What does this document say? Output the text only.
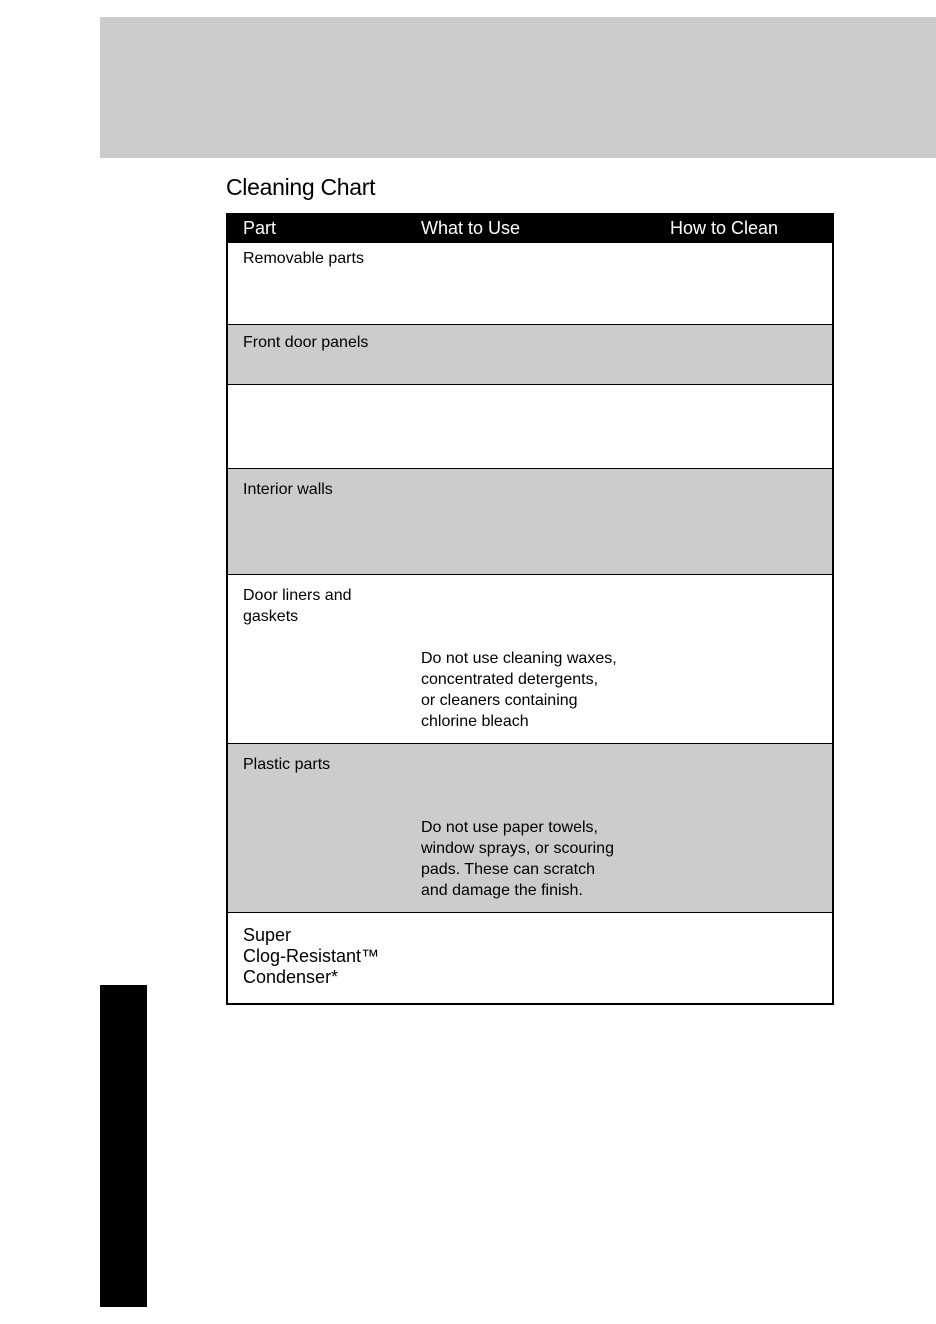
Cleaning Chart
Part	What to Use	How to Clean
Removable parts
Front door panels
Interior walls
Door liners and
gaskets
Do not use cleaning waxes,
concentrated detergents,
or cleaners containing
chlorine bleach
Plastic parts
Do not use paper towels,
window sprays, or scouring
pads. These can scratch
and damage the finish.
Super
Clog-Resistant™
Condenser*
Product Care
